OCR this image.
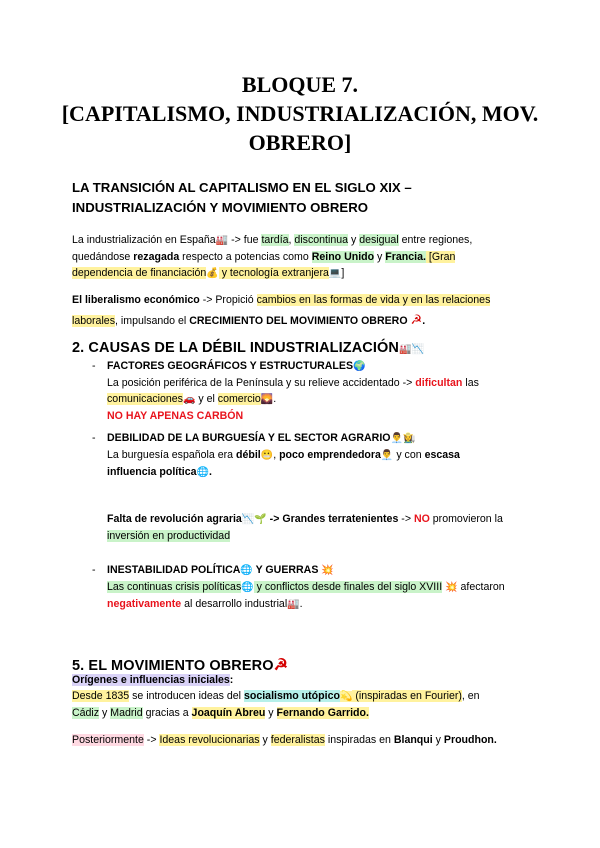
BLOQUE 7.
[CAPITALISMO, INDUSTRIALIZACIÓN, MOV.
OBRERO]
LA TRANSICIÓN AL CAPITALISMO EN EL SIGLO XIX –
INDUSTRIALIZACIÓN Y MOVIMIENTO OBRERO
La industrialización en España🏭 -> fue tardía, discontinua y desigual entre regiones,
quedándose rezagada respecto a potencias como Reino Unido y Francia. [Gran
dependencia de financiación💰 y tecnología extranjera💻]
El liberalismo económico -> Propició cambios en las formas de vida y en las relaciones
laborales, impulsando el CRECIMIENTO DEL MOVIMIENTO OBRERO ☭.
2. CAUSAS DE LA DÉBIL INDUSTRIALIZACIÓN🏭📉
- FACTORES GEOGRÁFICOS Y ESTRUCTURALES🌍
La posición periférica de la Península y su relieve accidentado -> dificultan las
comunicaciones🚗 y el comercio🌄.
NO HAY APENAS CARBÓN
- DEBILIDAD DE LA BURGUESÍA Y EL SECTOR AGRARIO👨‍💼👩‍🌾
La burguesía española era débil😬, poco emprendedora👨‍💼 y con escasa
influencia política🌐.
Falta de revolución agraria📉🌱 -> Grandes terratenientes -> NO promovieron la
inversión en productividad
- INESTABILIDAD POLÍTICA🌐 Y GUERRAS 💥
Las continuas crisis políticas🌐 y conflictos desde finales del siglo XVIII 💥 afectaron
negativamente al desarrollo industrial🏭.
5. EL MOVIMIENTO OBRERO☭
Orígenes e influencias iniciales:
Desde 1835 se introducen ideas del socialismo utópico💫 (inspiradas en Fourier), en
Cádiz y Madrid gracias a Joaquín Abreu y Fernando Garrido.
Posteriormente -> Ideas revolucionarias y federalistas inspiradas en Blanqui y Proudhon.
